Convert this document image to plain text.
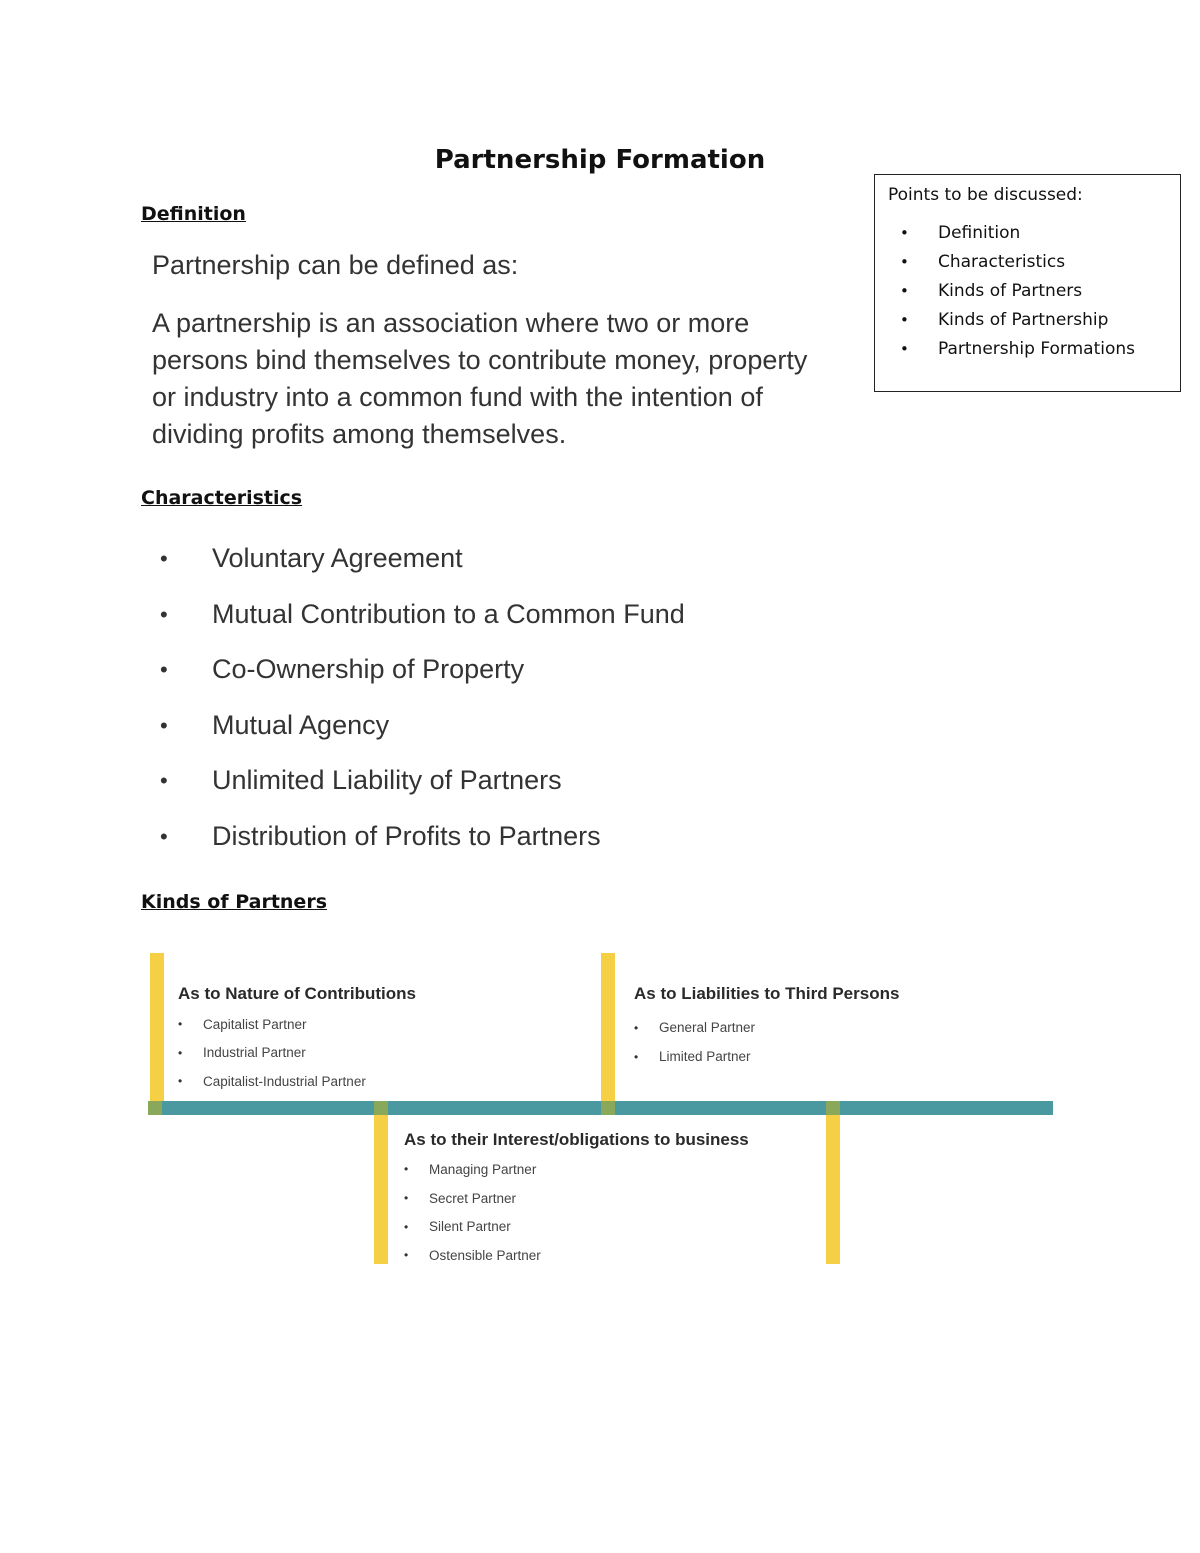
Partnership Formation
Definition
Partnership can be defined as:
A partnership is an association where two or more persons bind themselves to contribute money, property or industry into a common fund with the intention of dividing profits among themselves.
Characteristics
•	Voluntary Agreement
•	Mutual Contribution to a Common Fund
•	Co-Ownership of Property
•	Mutual Agency
•	Unlimited Liability of Partners
•	Distribution of Profits to Partners
Kinds of Partners
As to Nature of Contributions
•	Capitalist Partner
•	Industrial Partner
•	Capitalist-Industrial Partner
As to Liabilities to Third Persons
•	General Partner
•	Limited Partner
As to their Interest/obligations to business
•	Managing Partner
•	Secret Partner
•	Silent Partner
•	Ostensible Partner
Points to be discussed:
•	Definition
•	Characteristics
•	Kinds of Partners
•	Kinds of Partnership
•	Partnership Formations
